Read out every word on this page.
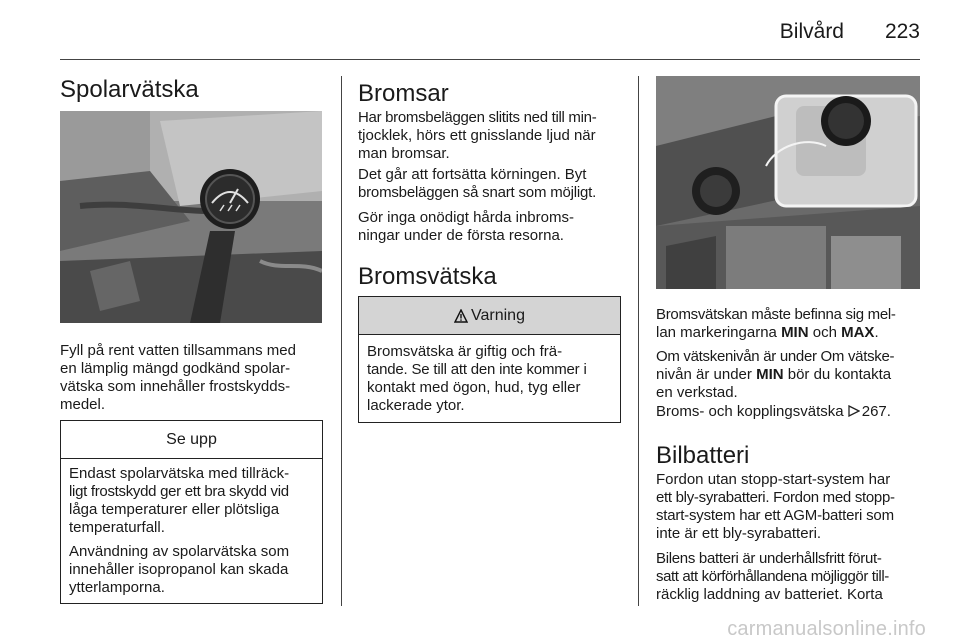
Bilvård 223
Spolarvätska
Fyll på rent vatten tillsammans med
en lämplig mängd godkänd spolar-
vätska som innehåller frostskydds-
medel.
Se upp
Endast spolarvätska med tillräck-
ligt frostskydd ger ett bra skydd vid
låga temperaturer eller plötsliga
temperaturfall.
Användning av spolarvätska som
innehåller isopropanol kan skada
ytterlamporna.
Bromsar
Har bromsbeläggen slitits ned till min-
tjocklek, hörs ett gnisslande ljud när
man bromsar.
Det går att fortsätta körningen. Byt
bromsbeläggen så snart som möjligt.
Gör inga onödigt hårda inbroms-
ningar under de första resorna.
Bromsvätska
Varning
Bromsvätska är giftig och frä-
tande. Se till att den inte kommer i
kontakt med ögon, hud, tyg eller
lackerade ytor.
Bromsvätskan måste befinna sig mel-
lan markeringarna MIN och MAX.
Om vätskenivån är under Om vätske-
nivån är under MIN bör du kontakta
en verkstad.
Broms- och kopplingsvätska 267.
Bilbatteri
Fordon utan stopp-start-system har
ett bly-syrabatteri. Fordon med stopp-
start-system har ett AGM-batteri som
inte är ett bly-syrabatteri.
Bilens batteri är underhållsfritt förut-
satt att körförhållandena möjliggör till-
räcklig laddning av batteriet. Korta
carmanualsonline.info
